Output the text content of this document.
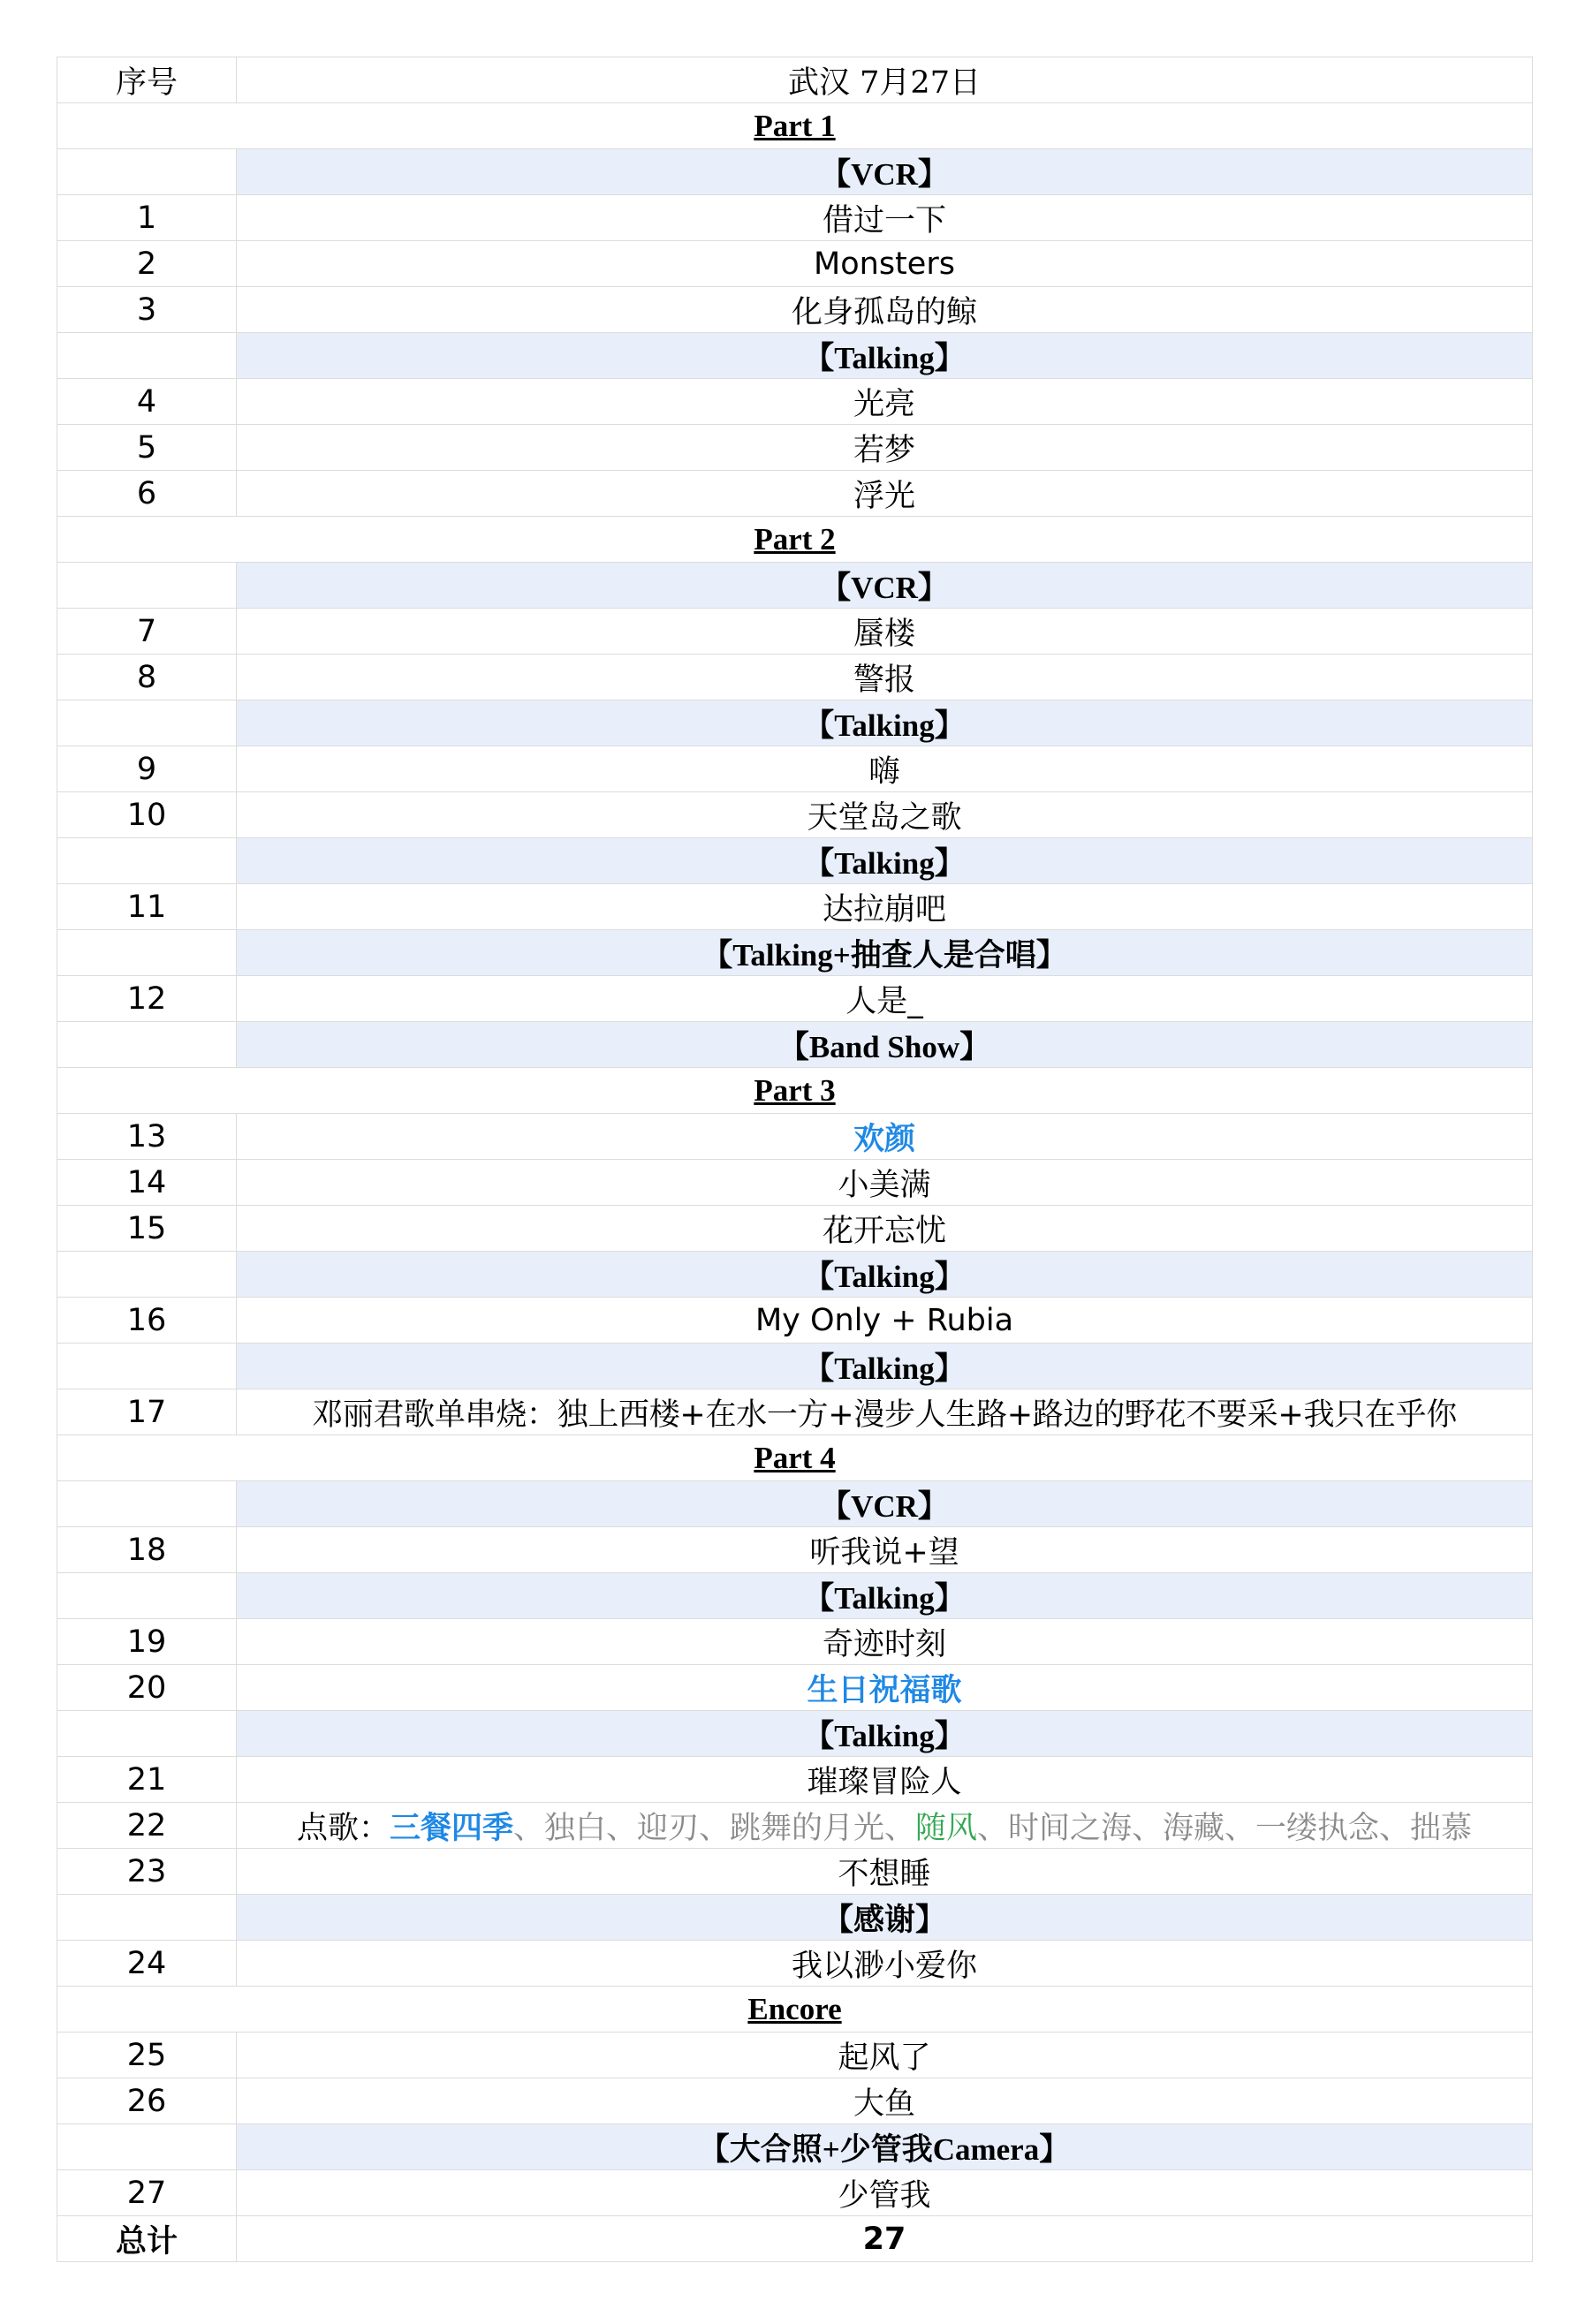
序号	武汉 7月27日
Part 1	
	【VCR】
1	借过一下
2	Monsters
3	化身孤岛的鲸
	【Talking】
4	光亮
5	若梦
6	浮光
Part 2	
	【VCR】
7	蜃楼
8	警报
	【Talking】
9	嗨
10	天堂岛之歌
	【Talking】
11	达拉崩吧
	【Talking+抽查人是合唱】
12	人是_
	【Band Show】
Part 3	
13	欢颜
14	小美满
15	花开忘忧
	【Talking】
16	My Only + Rubia
	【Talking】
17	邓丽君歌单串烧：独上西楼+在水一方+漫步人生路+路边的野花不要采+我只在乎你
Part 4	
	【VCR】
18	听我说+望
	【Talking】
19	奇迹时刻
20	生日祝福歌
	【Talking】
21	璀璨冒险人
22	点歌：三餐四季、独白、迎刃、跳舞的月光、随风、时间之海、海藏、一缕执念、拙慕
23	不想睡
	【感谢】
24	我以渺小爱你
Encore	
25	起风了
26	大鱼
	【大合照+少管我Camera】
27	少管我
总计	27
